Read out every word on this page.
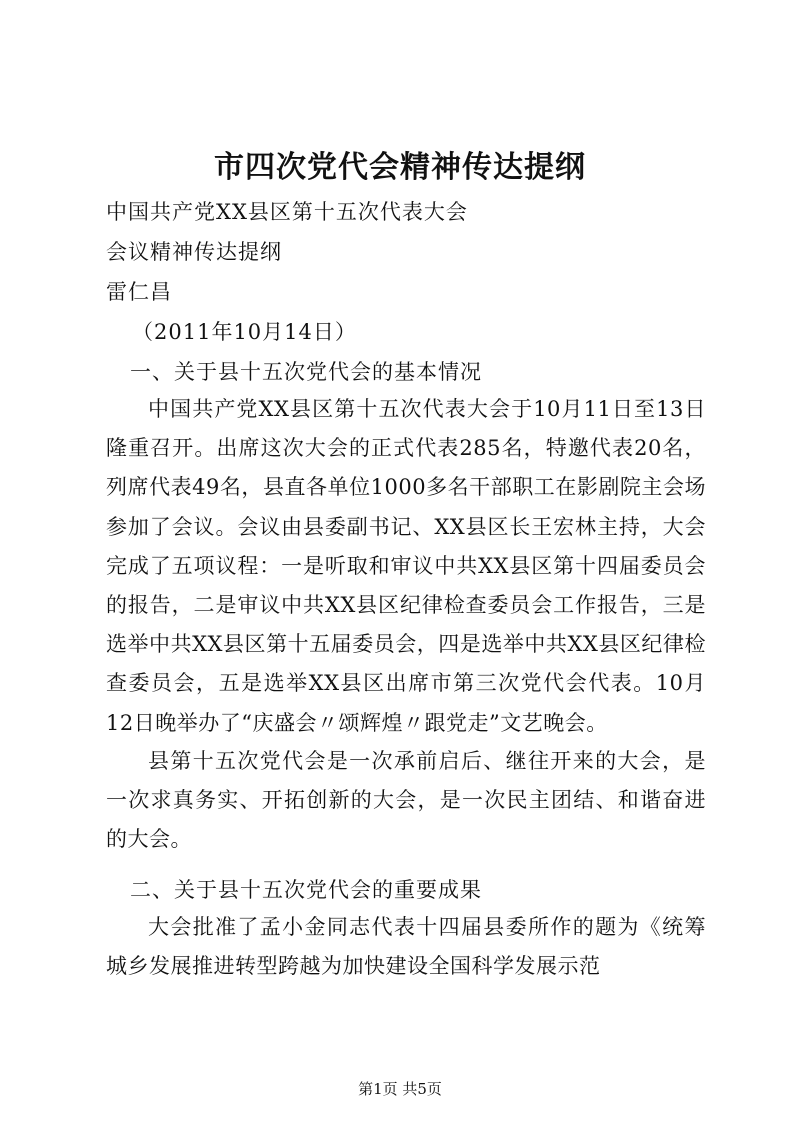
市四次党代会精神传达提纲
中国共产党XX县区第十五次代表大会
会议精神传达提纲
雷仁昌
（2011年10月14日）
一、关于县十五次党代会的基本情况
中国共产党XX县区第十五次代表大会于10月11日至13日隆重召开。出席这次大会的正式代表285名，特邀代表20名，列席代表49名，县直各单位1000多名干部职工在影剧院主会场参加了会议。会议由县委副书记、XX县区长王宏林主持，大会完成了五项议程：一是听取和审议中共XX县区第十四届委员会的报告，二是审议中共XX县区纪律检查委员会工作报告，三是选举中共XX县区第十五届委员会，四是选举中共XX县区纪律检查委员会，五是选举XX县区出席市第三次党代会代表。10月12日晚举办了“庆盛会〃颂辉煌〃跟党走”文艺晚会。
县第十五次党代会是一次承前启后、继往开来的大会，是一次求真务实、开拓创新的大会，是一次民主团结、和谐奋进的大会。
二、关于县十五次党代会的重要成果
大会批准了孟小金同志代表十四届县委所作的题为《统筹城乡发展推进转型跨越为加快建设全国科学发展示范
第1页 共5页
